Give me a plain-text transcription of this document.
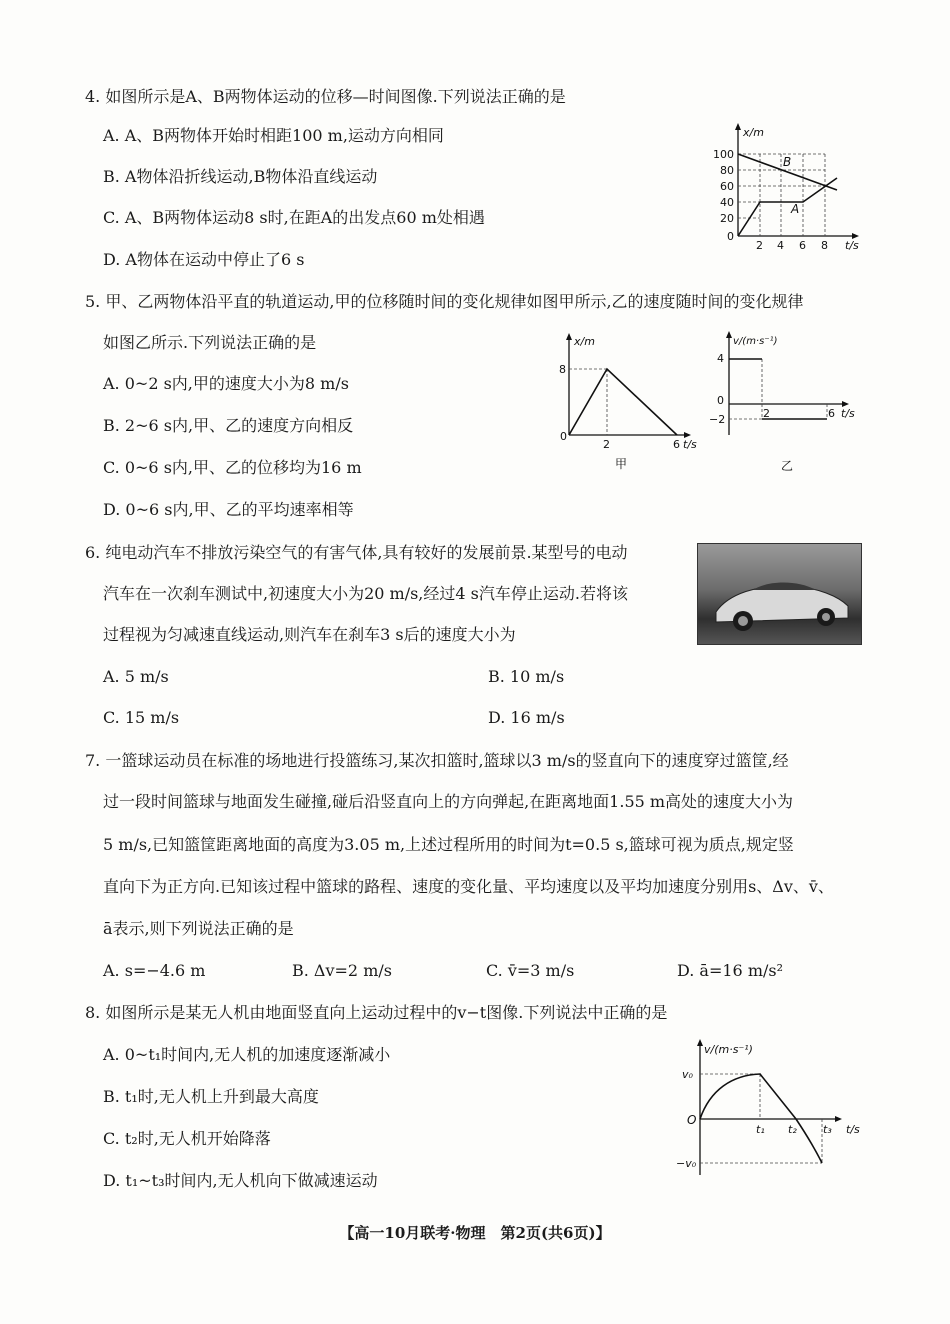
4. 如图所示是A、B两物体运动的位移—时间图像.下列说法正确的是
A. A、B两物体开始时相距100 m,运动方向相同
B. A物体沿折线运动,B物体沿直线运动
C. A、B两物体运动8 s时,在距A的出发点60 m处相遇
D. A物体在运动中停止了6 s
B
A
x/m
t/s
100
80
60
40
20
0
2 4 6 8
5. 甲、乙两物体沿平直的轨道运动,甲的位移随时间的变化规律如图甲所示,乙的速度随时间的变化规律
如图乙所示.下列说法正确的是
A. 0~2 s内,甲的速度大小为8 m/s
B. 2~6 s内,甲、乙的速度方向相反
C. 0~6 s内,甲、乙的位移均为16 m
D. 0~6 s内,甲、乙的平均速率相等
x/m
8
0
2	6 t/s
甲
v/(m·s⁻¹)
4
0
−2	2	6 t/s
乙
6. 纯电动汽车不排放污染空气的有害气体,具有较好的发展前景.某型号的电动
汽车在一次刹车测试中,初速度大小为20 m/s,经过4 s汽车停止运动.若将该
过程视为匀减速直线运动,则汽车在刹车3 s后的速度大小为
A. 5 m/s	B. 10 m/s
C. 15 m/s	D. 16 m/s
7. 一篮球运动员在标准的场地进行投篮练习,某次扣篮时,篮球以3 m/s的竖直向下的速度穿过篮筐,经
过一段时间篮球与地面发生碰撞,碰后沿竖直向上的方向弹起,在距离地面1.55 m高处的速度大小为
5 m/s,已知篮筐距离地面的高度为3.05 m,上述过程所用的时间为t=0.5 s,篮球可视为质点,规定竖
直向下为正方向.已知该过程中篮球的路程、速度的变化量、平均速度以及平均加速度分别用s、Δv、v̄、
ā表示,则下列说法正确的是
A. s=−4.6 m	B. Δv=2 m/s	C. v̄=3 m/s	D. ā=16 m/s²
8. 如图所示是某无人机由地面竖直向上运动过程中的v−t图像.下列说法中正确的是
A. 0~t₁时间内,无人机的加速度逐渐减小
B. t₁时,无人机上升到最大高度
C. t₂时,无人机开始降落
D. t₁~t₃时间内,无人机向下做减速运动
v/(m·s⁻¹)
v₀
O
−v₀
t₁ t₂ t₃ t/s
【高一10月联考·物理　第2页(共6页)】
